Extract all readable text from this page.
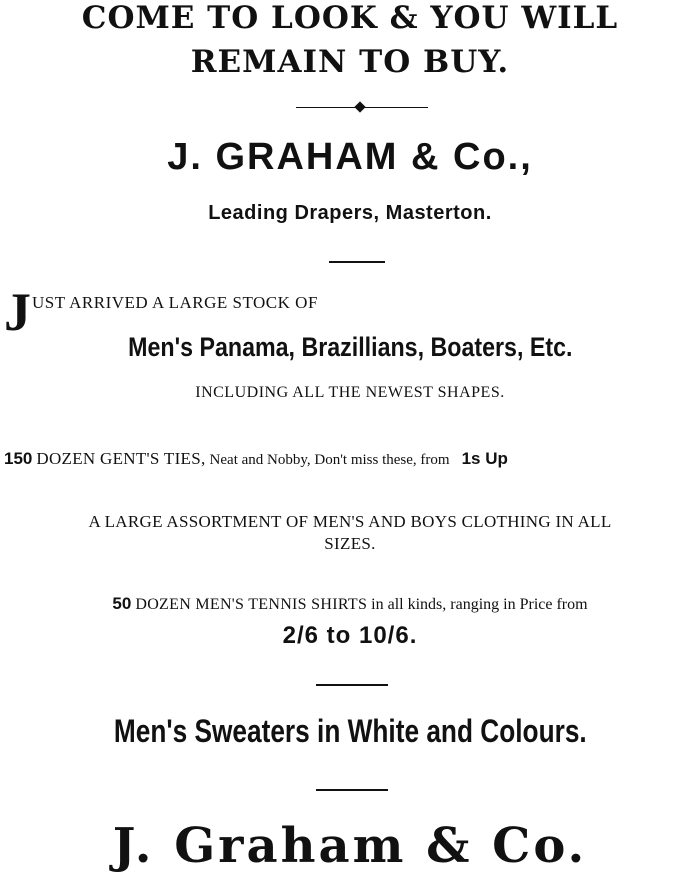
COME TO LOOK & YOU WILL
REMAIN TO BUY.
J. GRAHAM & Co.,
Leading Drapers, Masterton.
J UST ARRIVED A LARGE STOCK OF
Men's Panama, Brazillians, Boaters, Etc.
INCLUDING ALL THE NEWEST SHAPES.
150 DOZEN GENT'S TIES, Neat and Nobby, Don't miss these, from 1s Up
A LARGE ASSORTMENT OF MEN'S AND BOYS CLOTHING IN ALL
SIZES.
50 DOZEN MEN'S TENNIS SHIRTS in all kinds, ranging in Price from
2/6 to 10/6.
Men's Sweaters in White and Colours.
J. Graham & Co.
